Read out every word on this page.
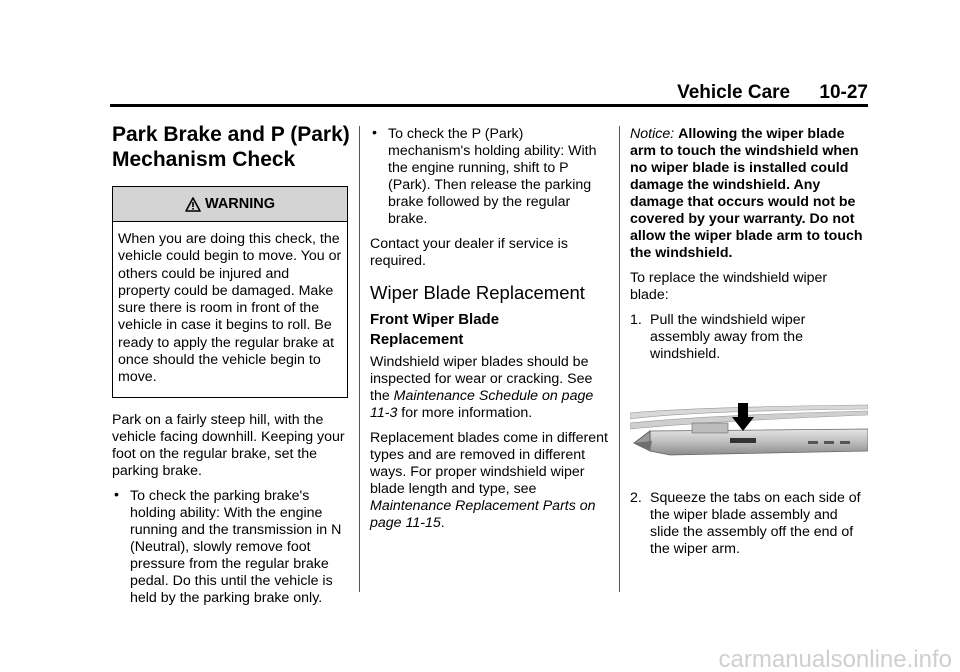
Vehicle Care 10-27
Park Brake and P (Park)
Mechanism Check
WARNING
When you are doing this check, the vehicle could begin to move. You or others could be injured and property could be damaged. Make sure there is room in front of the vehicle in case it begins to roll. Be ready to apply the regular brake at once should the vehicle begin to move.

Park on a fairly steep hill, with the vehicle facing downhill. Keeping your foot on the regular brake, set the parking brake.

• To check the parking brake's holding ability: With the engine running and the transmission in N (Neutral), slowly remove foot pressure from the regular brake pedal. Do this until the vehicle is held by the parking brake only.

• To check the P (Park) mechanism's holding ability: With the engine running, shift to P (Park). Then release the parking brake followed by the regular brake.

Contact your dealer if service is required.

Wiper Blade Replacement
Front Wiper Blade
Replacement

Windshield wiper blades should be inspected for wear or cracking. See the Maintenance Schedule on page 11-3 for more information.

Replacement blades come in different types and are removed in different ways. For proper windshield wiper blade length and type, see Maintenance Replacement Parts on page 11-15.

Notice: Allowing the wiper blade arm to touch the windshield when no wiper blade is installed could damage the windshield. Any damage that occurs would not be covered by your warranty. Do not allow the wiper blade arm to touch the windshield.

To replace the windshield wiper blade:

1. Pull the windshield wiper assembly away from the windshield.

2. Squeeze the tabs on each side of the wiper blade assembly and slide the assembly off the end of the wiper arm.

carmanualsonline.info
